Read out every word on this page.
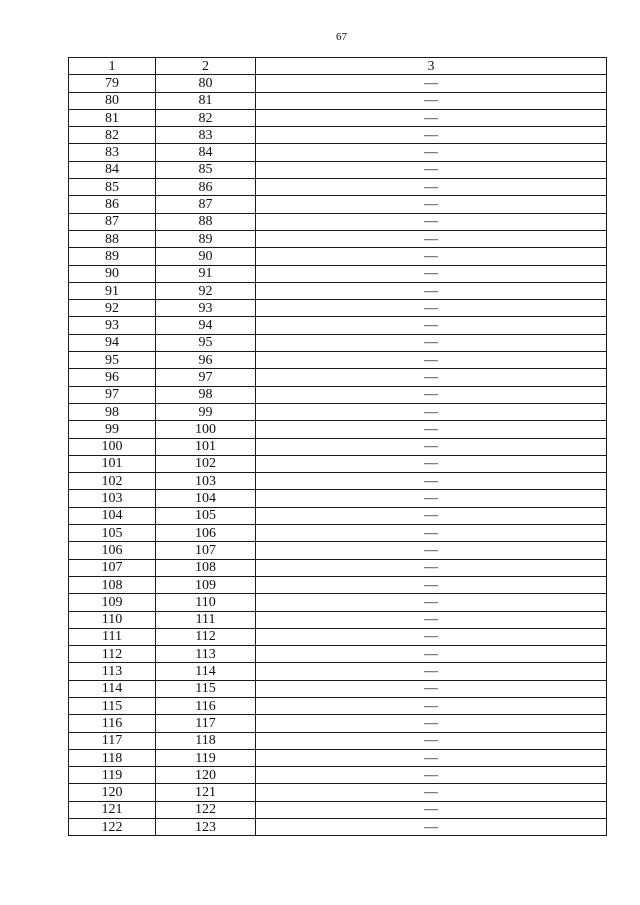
67
1	2	3
79	80	—
80	81	—
81	82	—
82	83	—
83	84	—
84	85	—
85	86	—
86	87	—
87	88	—
88	89	—
89	90	—
90	91	—
91	92	—
92	93	—
93	94	—
94	95	—
95	96	—
96	97	—
97	98	—
98	99	—
99	100	—
100	101	—
101	102	—
102	103	—
103	104	—
104	105	—
105	106	—
106	107	—
107	108	—
108	109	—
109	110	—
110	111	—
111	112	—
112	113	—
113	114	—
114	115	—
115	116	—
116	117	—
117	118	—
118	119	—
119	120	—
120	121	—
121	122	—
122	123	—
